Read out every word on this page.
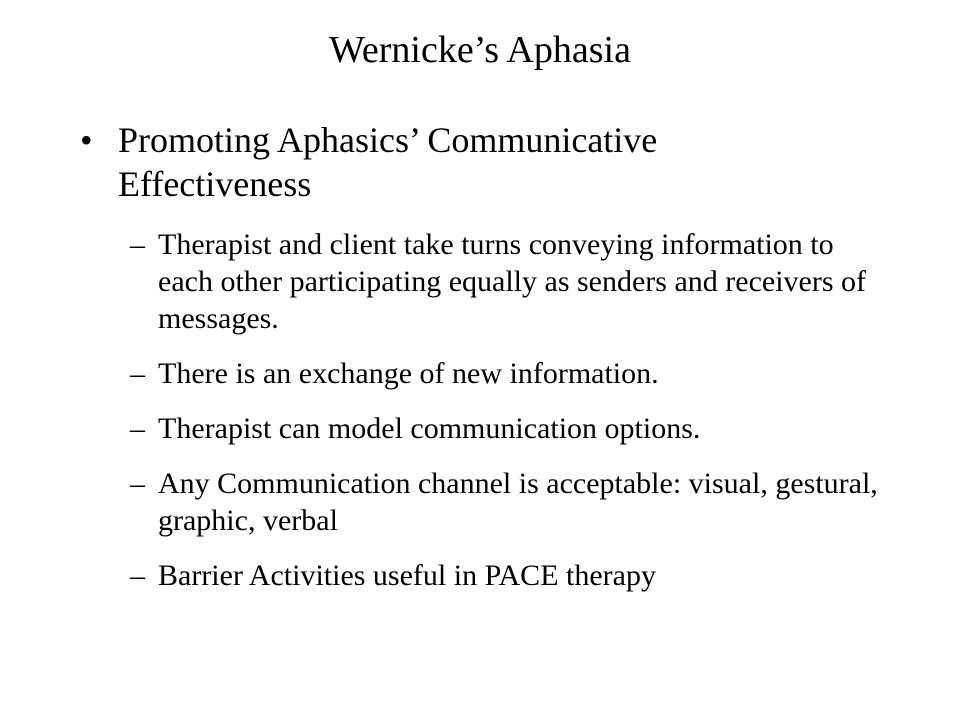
Wernicke’s Aphasia
• Promoting Aphasics’ Communicative Effectiveness
– Therapist and client take turns conveying information to each other participating equally as senders and receivers of messages.
– There is an exchange of new information.
– Therapist can model communication options.
– Any Communication channel is acceptable: visual, gestural, graphic, verbal
– Barrier Activities useful in PACE therapy
